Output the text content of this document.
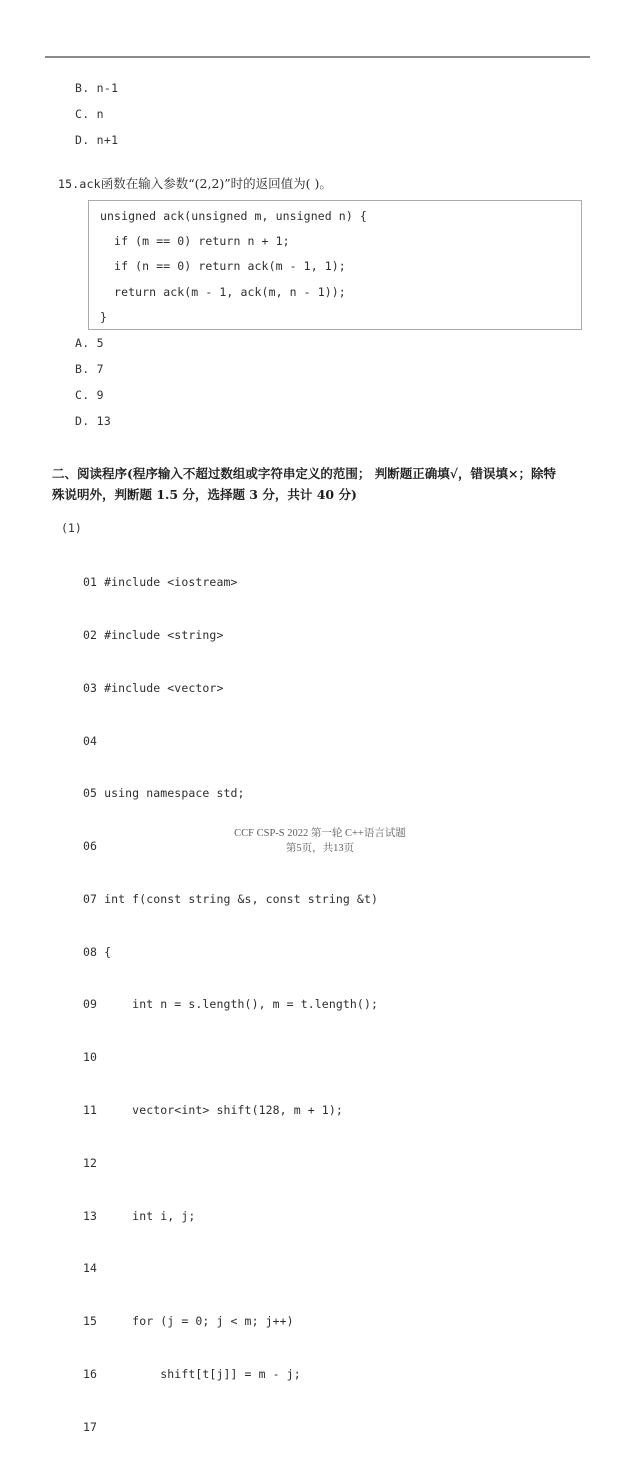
B. n-1
C. n
D. n+1
15.ack函数在输入参数“(2,2)”时的返回值为( )。
unsigned ack(unsigned m, unsigned n) {
if (m == 0) return n + 1;
if (n == 0) return ack(m - 1, 1);
return ack(m - 1, ack(m, n - 1));
}
A. 5
B. 7
C. 9
D. 13
二、阅读程序(程序输入不超过数组或字符串定义的范围； 判断题正确填√，错误填×；除特
殊说明外，判断题 1.5 分，选择题 3 分，共计 40 分)
(1)

01 #include <iostream>

02 #include <string>

03 #include <vector>

04

05 using namespace std;

06

07 int f(const string &s, const string &t)

08 {

09     int n = s.length(), m = t.length();

10

11     vector<int> shift(128, m + 1);

12

13     int i, j;

14

15     for (j = 0; j < m; j++)

16         shift[t[j]] = m - j;

17

CCF CSP-S 2022 第一轮 C++语言试题
第5页，共13页
